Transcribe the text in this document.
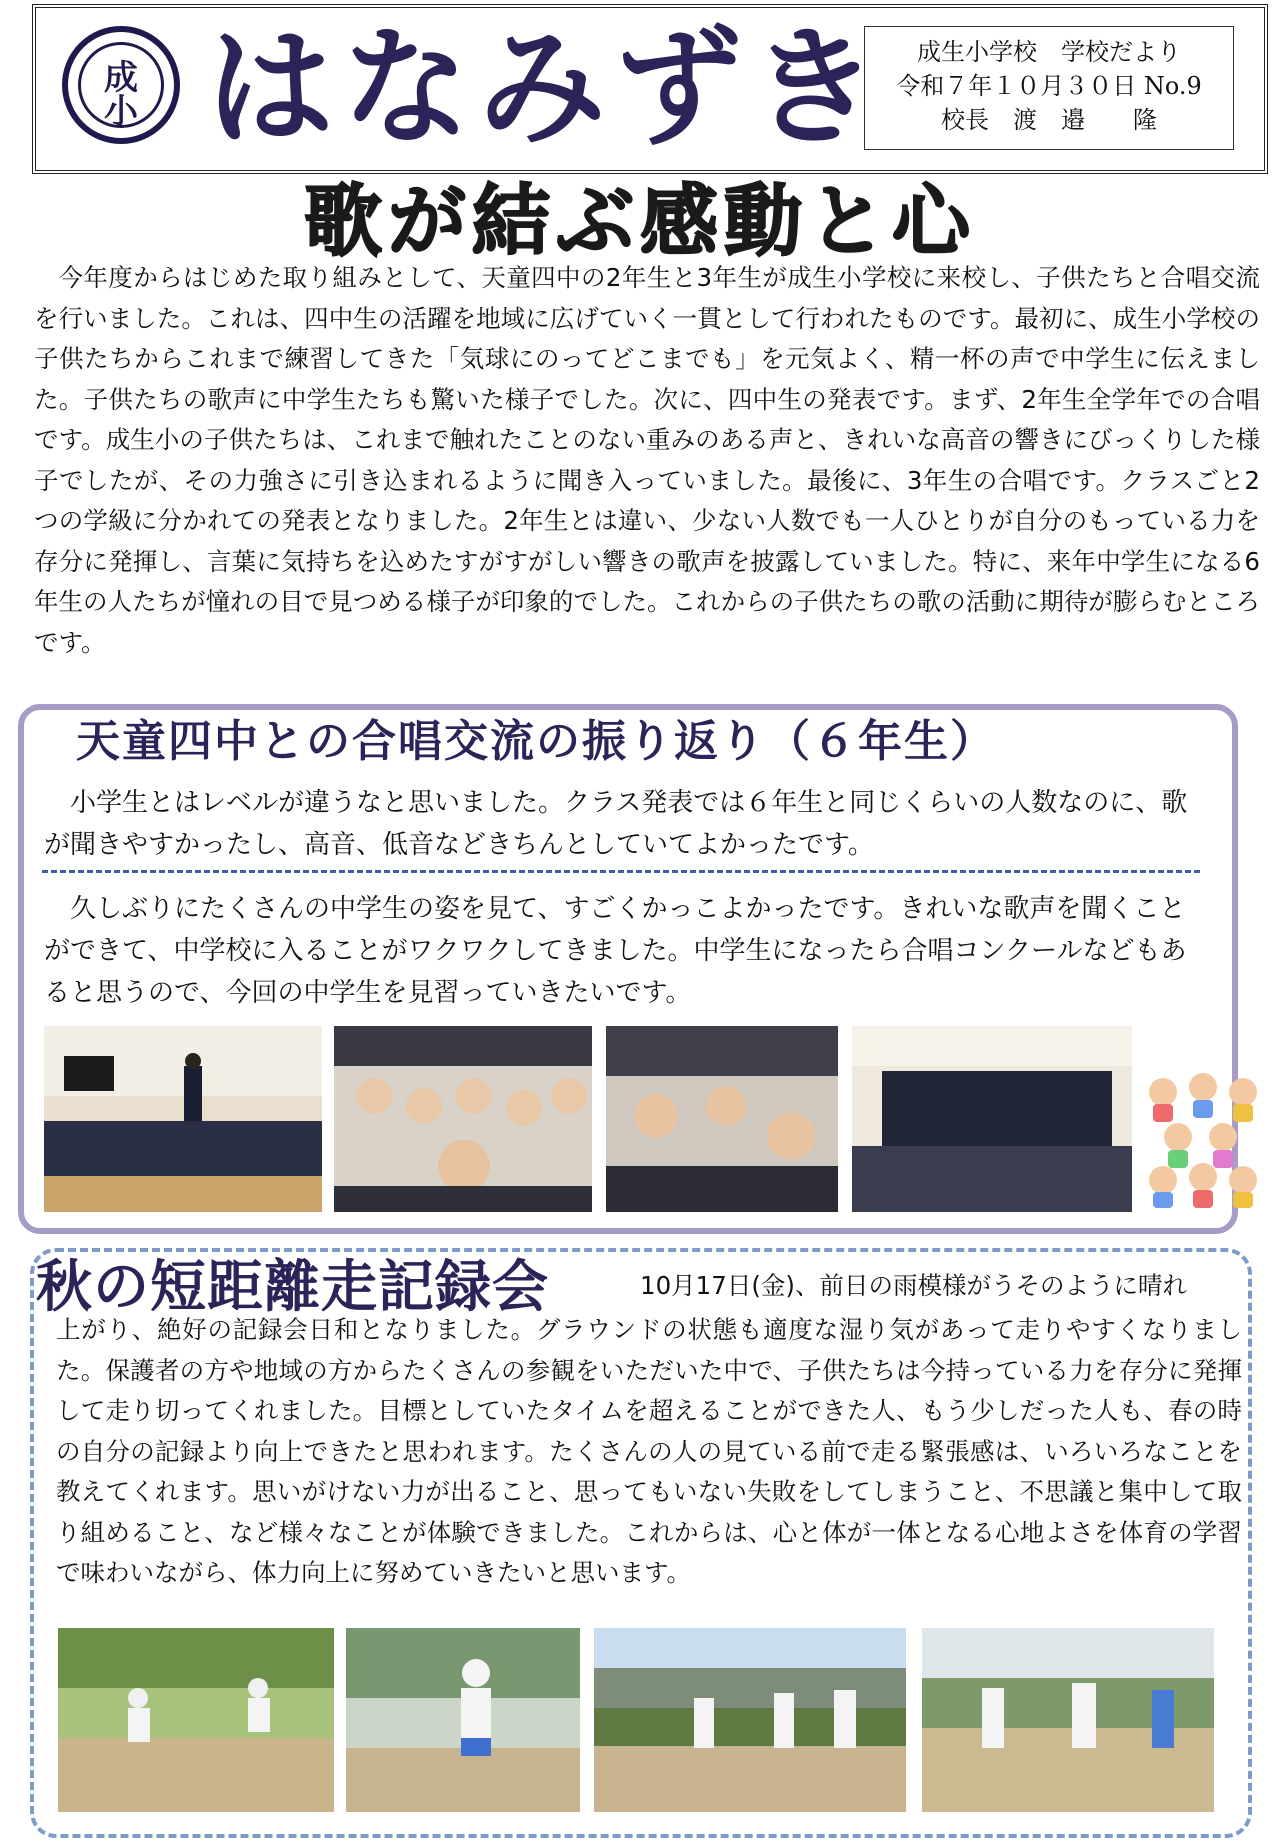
成
小 はなみずき	成生小学校　学校だより
令和７年１０月３０日 No.9
校長　渡　邉　　隆
歌が結ぶ感動と心
今年度からはじめた取り組みとして、天童四中の2年生と3年生が成生小学校に来校し、子供たちと合唱交流を行いました。これは、四中生の活躍を地域に広げていく一貫として行われたものです。最初に、成生小学校の子供たちからこれまで練習してきた「気球にのってどこまでも」を元気よく、精一杯の声で中学生に伝えました。子供たちの歌声に中学生たちも驚いた様子でした。次に、四中生の発表です。まず、2年生全学年での合唱です。成生小の子供たちは、これまで触れたことのない重みのある声と、きれいな高音の響きにびっくりした様子でしたが、その力強さに引き込まれるように聞き入っていました。最後に、3年生の合唱です。クラスごと2つの学級に分かれての発表となりました。2年生とは違い、少ない人数でも一人ひとりが自分のもっている力を存分に発揮し、言葉に気持ちを込めたすがすがしい響きの歌声を披露していました。特に、来年中学生になる6年生の人たちが憧れの目で見つめる様子が印象的でした。これからの子供たちの歌の活動に期待が膨らむところです。
天童四中との合唱交流の振り返り（６年生）
小学生とはレベルが違うなと思いました。クラス発表では６年生と同じくらいの人数なのに、歌が聞きやすかったし、高音、低音などきちんとしていてよかったです。
久しぶりにたくさんの中学生の姿を見て、すごくかっこよかったです。きれいな歌声を聞くことができて、中学校に入ることがワクワクしてきました。中学生になったら合唱コンクールなどもあると思うので、今回の中学生を見習っていきたいです。
秋の短距離走記録会	10月17日(金)、前日の雨模様がうそのように晴れ
上がり、絶好の記録会日和となりました。グラウンドの状態も適度な湿り気があって走りやすくなりました。保護者の方や地域の方からたくさんの参観をいただいた中で、子供たちは今持っている力を存分に発揮して走り切ってくれました。目標としていたタイムを超えることができた人、もう少しだった人も、春の時の自分の記録より向上できたと思われます。たくさんの人の見ている前で走る緊張感は、いろいろなことを教えてくれます。思いがけない力が出ること、思ってもいない失敗をしてしまうこと、不思議と集中して取り組めること、など様々なことが体験できました。これからは、心と体が一体となる心地よさを体育の学習で味わいながら、体力向上に努めていきたいと思います。
